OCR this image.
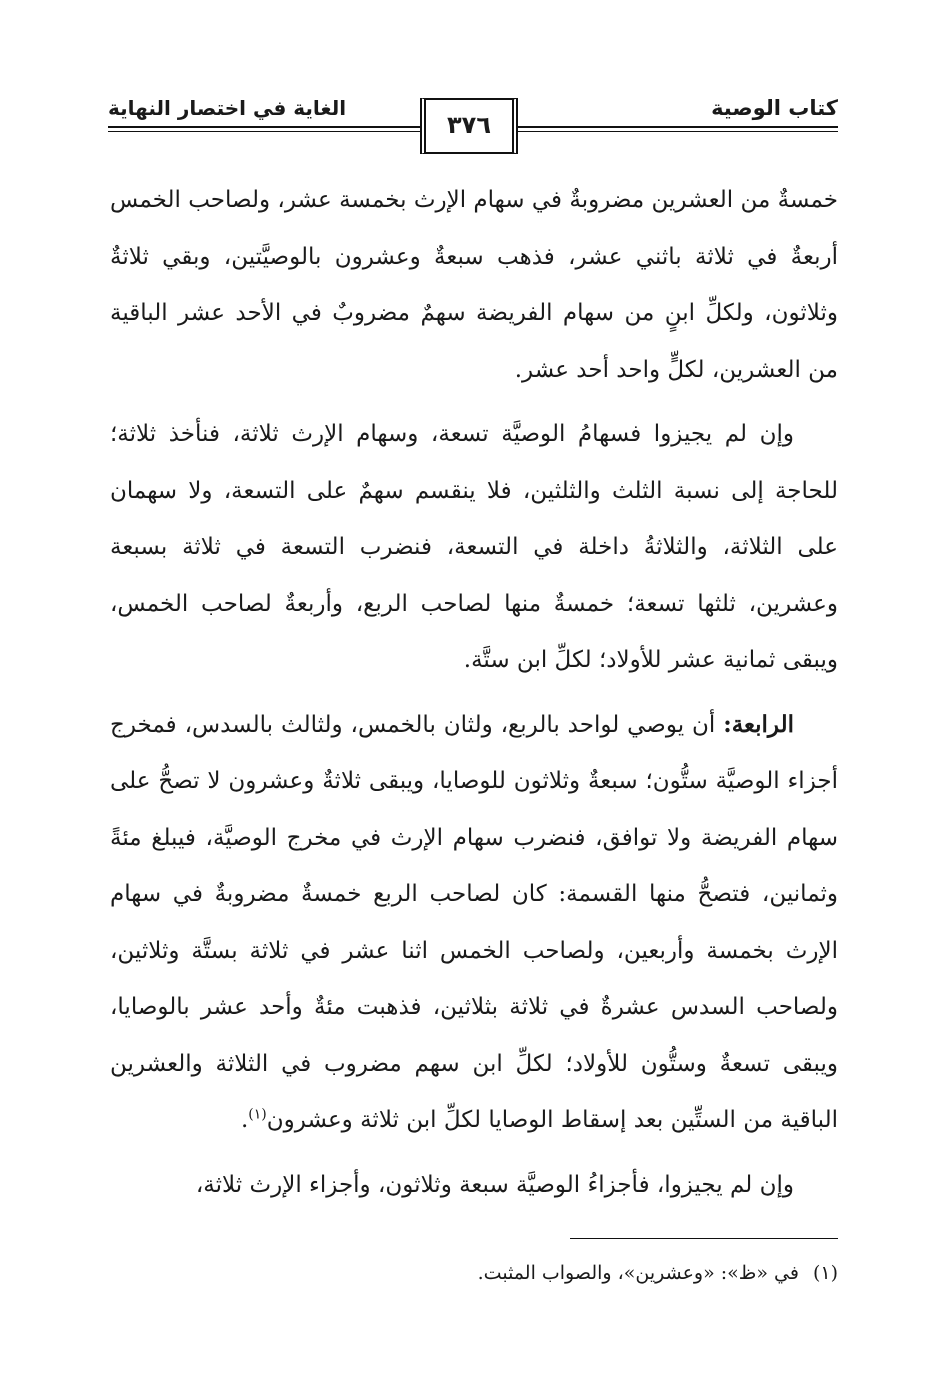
كتاب الوصية
الغاية في اختصار النهاية
٣٧٦

خمسةٌ من العشرين مضروبةٌ في سهام الإرث بخمسة عشر، ولصاحب الخمس أربعةٌ في ثلاثة باثني عشر، فذهب سبعةٌ وعشرون بالوصيَّتين، وبقي ثلاثةٌ وثلاثون، ولكلِّ ابنٍ من سهام الفريضة سهمٌ مضروبٌ في الأحد عشر الباقية من العشرين، لكلٍّ واحد أحد عشر.

وإن لم يجيزوا فسهامُ الوصيَّة تسعة، وسهام الإرث ثلاثة، فنأخذ ثلاثة؛ للحاجة إلى نسبة الثلث والثلثين، فلا ينقسم سهمٌ على التسعة، ولا سهمان على الثلاثة، والثلاثةُ داخلة في التسعة، فنضرب التسعة في ثلاثة بسبعة وعشرين، ثلثها تسعة؛ خمسةٌ منها لصاحب الربع، وأربعةٌ لصاحب الخمس، ويبقى ثمانية عشر للأولاد؛ لكلِّ ابن ستَّة.

الرابعة: أن يوصي لواحد بالربع، ولثان بالخمس، ولثالث بالسدس، فمخرج أجزاء الوصيَّة ستُّون؛ سبعةٌ وثلاثون للوصايا، ويبقى ثلاثةٌ وعشرون لا تصحُّ على سهام الفريضة ولا توافق، فنضرب سهام الإرث في مخرج الوصيَّة، فيبلغ مئةً وثمانين، فتصحُّ منها القسمة: كان لصاحب الربع خمسةٌ مضروبةٌ في سهام الإرث بخمسة وأربعين، ولصاحب الخمس اثنا عشر في ثلاثة بستَّة وثلاثين، ولصاحب السدس عشرةٌ في ثلاثة بثلاثين، فذهبت مئةٌ وأحد عشر بالوصايا، ويبقى تسعةٌ وستُّون للأولاد؛ لكلِّ ابن سهم مضروب في الثلاثة والعشرين الباقية من الستِّين بعد إسقاط الوصايا لكلِّ ابن ثلاثة وعشرون$^{(١)}$.

وإن لم يجيزوا، فأجزاءُ الوصيَّة سبعة وثلاثون، وأجزاء الإرث ثلاثة،

(١)في «ظ»: «وعشرين»، والصواب المثبت.
